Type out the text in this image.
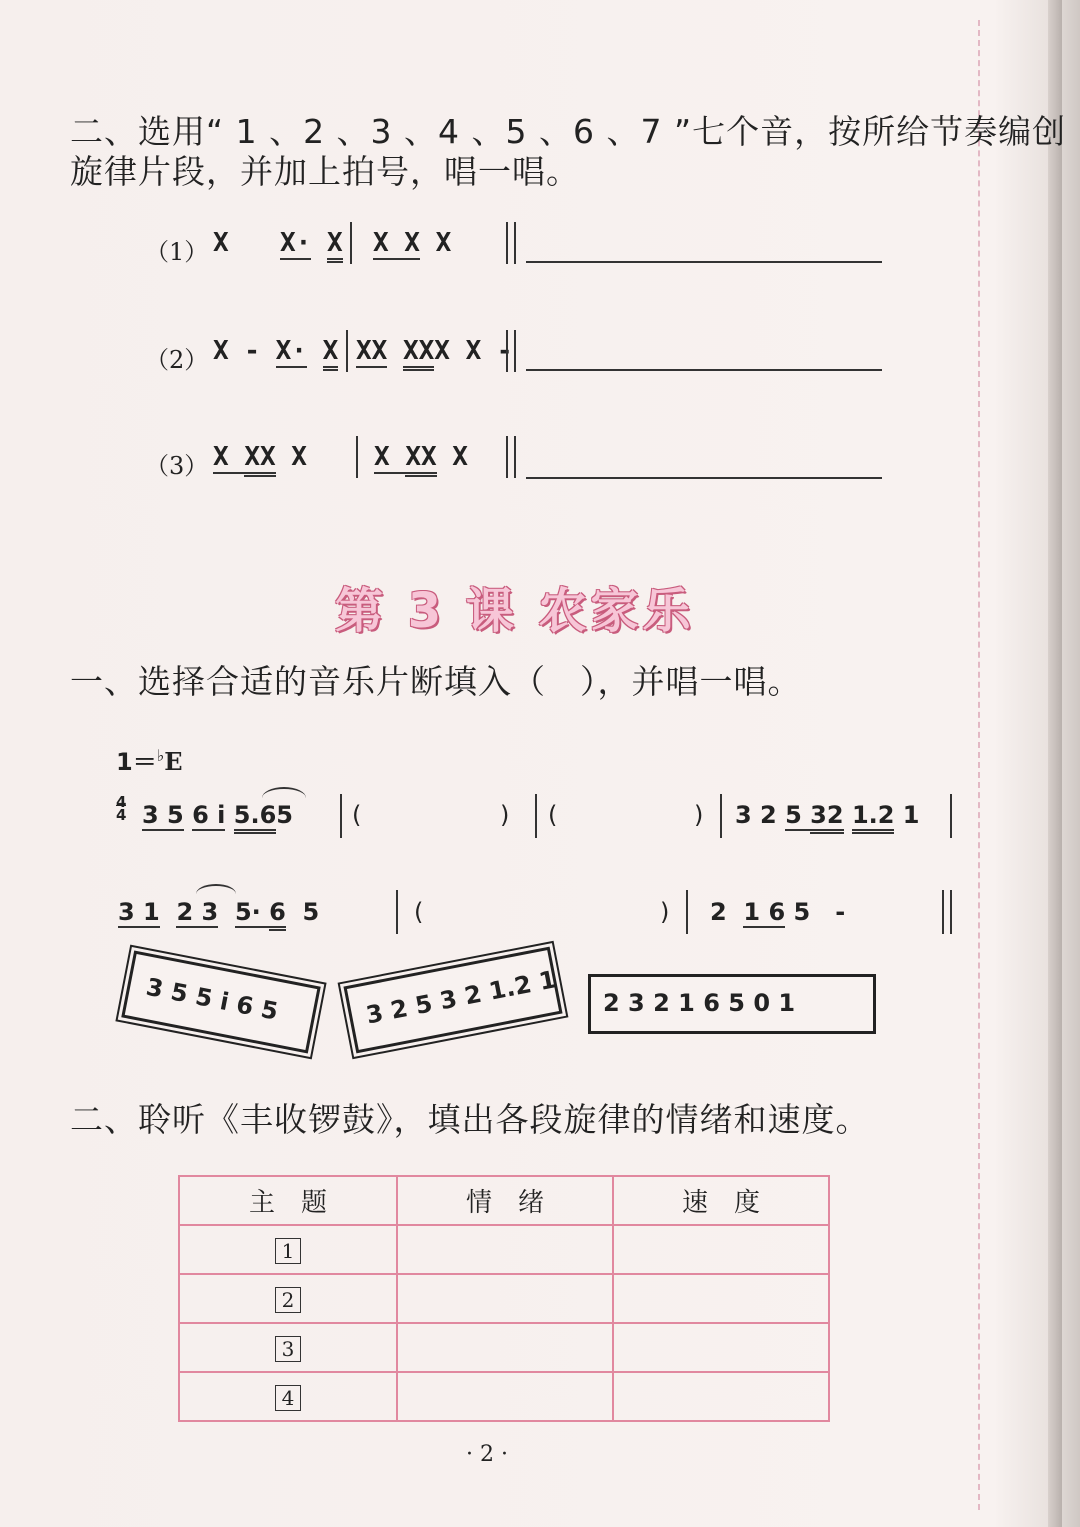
二、选用“ 1 、2 、3 、4 、5 、6 、7 ”七个音，按所给节奏编创
旋律片段，并加上拍号，唱一唱。
（1） X X· X X X X
（2） X - X· X XX XXX X -
（3） X XX X	X XX X
第 3 课 农家乐
一、选择合适的音乐片断填入（　），并唱一唱。
1＝♭E
4
4 3 5 6 i 5.65 (	) (	) 3 2 5 32 1.2 1
3 1 2 3 5· 6  5	(	) 2  1 6 5   -
3 5 5 i 6 5	3 2 5 3 2 1.2 1 2 3 2 1 6 5 0 1
二、聆听《丰收锣鼓》，填出各段旋律的情绪和速度。
主　题	情　绪	速　度
1		
2		
3		
4		
· 2 ·
